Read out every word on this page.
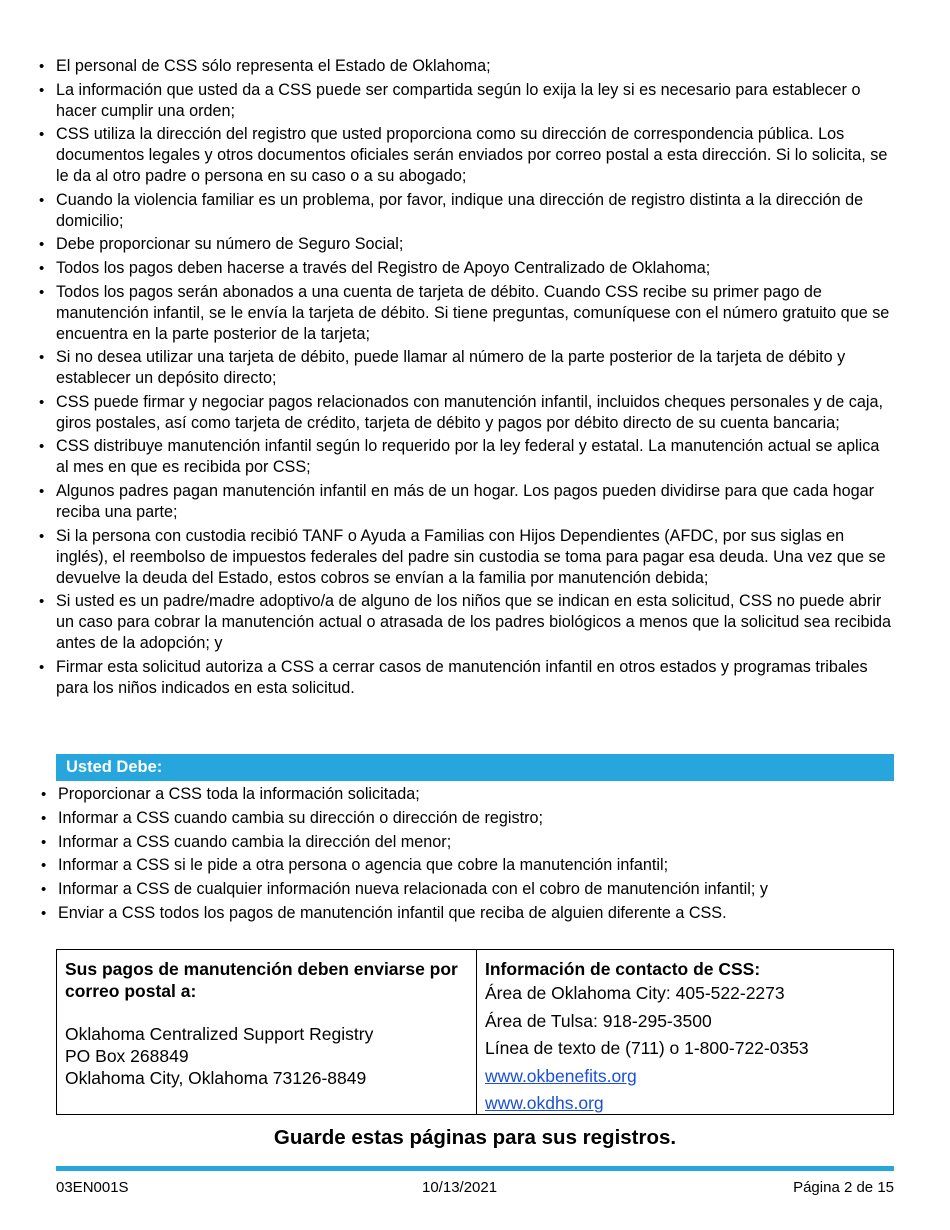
• El personal de CSS sólo representa el Estado de Oklahoma;
• La información que usted da a CSS puede ser compartida según lo exija la ley si es necesario para establecer o hacer cumplir una orden;
• CSS utiliza la dirección del registro que usted proporciona como su dirección de correspondencia pública. Los documentos legales y otros documentos oficiales serán enviados por correo postal a esta dirección. Si lo solicita, se le da al otro padre o persona en su caso o a su abogado;
• Cuando la violencia familiar es un problema, por favor, indique una dirección de registro distinta a la dirección de domicilio;
• Debe proporcionar su número de Seguro Social;
• Todos los pagos deben hacerse a través del Registro de Apoyo Centralizado de Oklahoma;
• Todos los pagos serán abonados a una cuenta de tarjeta de débito. Cuando CSS recibe su primer pago de manutención infantil, se le envía la tarjeta de débito. Si tiene preguntas, comuníquese con el número gratuito que se encuentra en la parte posterior de la tarjeta;
• Si no desea utilizar una tarjeta de débito, puede llamar al número de la parte posterior de la tarjeta de débito y establecer un depósito directo;
• CSS puede firmar y negociar pagos relacionados con manutención infantil, incluidos cheques personales y de caja, giros postales, así como tarjeta de crédito, tarjeta de débito y pagos por débito directo de su cuenta bancaria;
• CSS distribuye manutención infantil según lo requerido por la ley federal y estatal. La manutención actual se aplica al mes en que es recibida por CSS;
• Algunos padres pagan manutención infantil en más de un hogar. Los pagos pueden dividirse para que cada hogar reciba una parte;
• Si la persona con custodia recibió TANF o Ayuda a Familias con Hijos Dependientes (AFDC, por sus siglas en inglés), el reembolso de impuestos federales del padre sin custodia se toma para pagar esa deuda. Una vez que se devuelve la deuda del Estado, estos cobros se envían a la familia por manutención debida;
• Si usted es un padre/madre adoptivo/a de alguno de los niños que se indican en esta solicitud, CSS no puede abrir un caso para cobrar la manutención actual o atrasada de los padres biológicos a menos que la solicitud sea recibida antes de la adopción; y
• Firmar esta solicitud autoriza a CSS a cerrar casos de manutención infantil en otros estados y programas tribales para los niños indicados en esta solicitud.
Usted Debe:
Sus pagos de manutención deben enviarse por correo postal a:
Oklahoma Centralized Support Registry
PO Box 268849
Oklahoma City, Oklahoma 73126-8849
Información de contacto de CSS:
Área de Oklahoma City: 405-522-2273
Área de Tulsa: 918-295-3500
Línea de texto de (711) o 1-800-722-0353
www.okbenefits.org
www.okdhs.org
Guarde estas páginas para sus registros.
03EN001S	10/13/2021	Página 2 de 15
• Proporcionar a CSS toda la información solicitada;
• Informar a CSS cuando cambia su dirección o dirección de registro;
• Informar a CSS cuando cambia la dirección del menor;
• Informar a CSS si le pide a otra persona o agencia que cobre la manutención infantil;
• Informar a CSS de cualquier información nueva relacionada con el cobro de manutención infantil; y
• Enviar a CSS todos los pagos de manutención infantil que reciba de alguien diferente a CSS.
